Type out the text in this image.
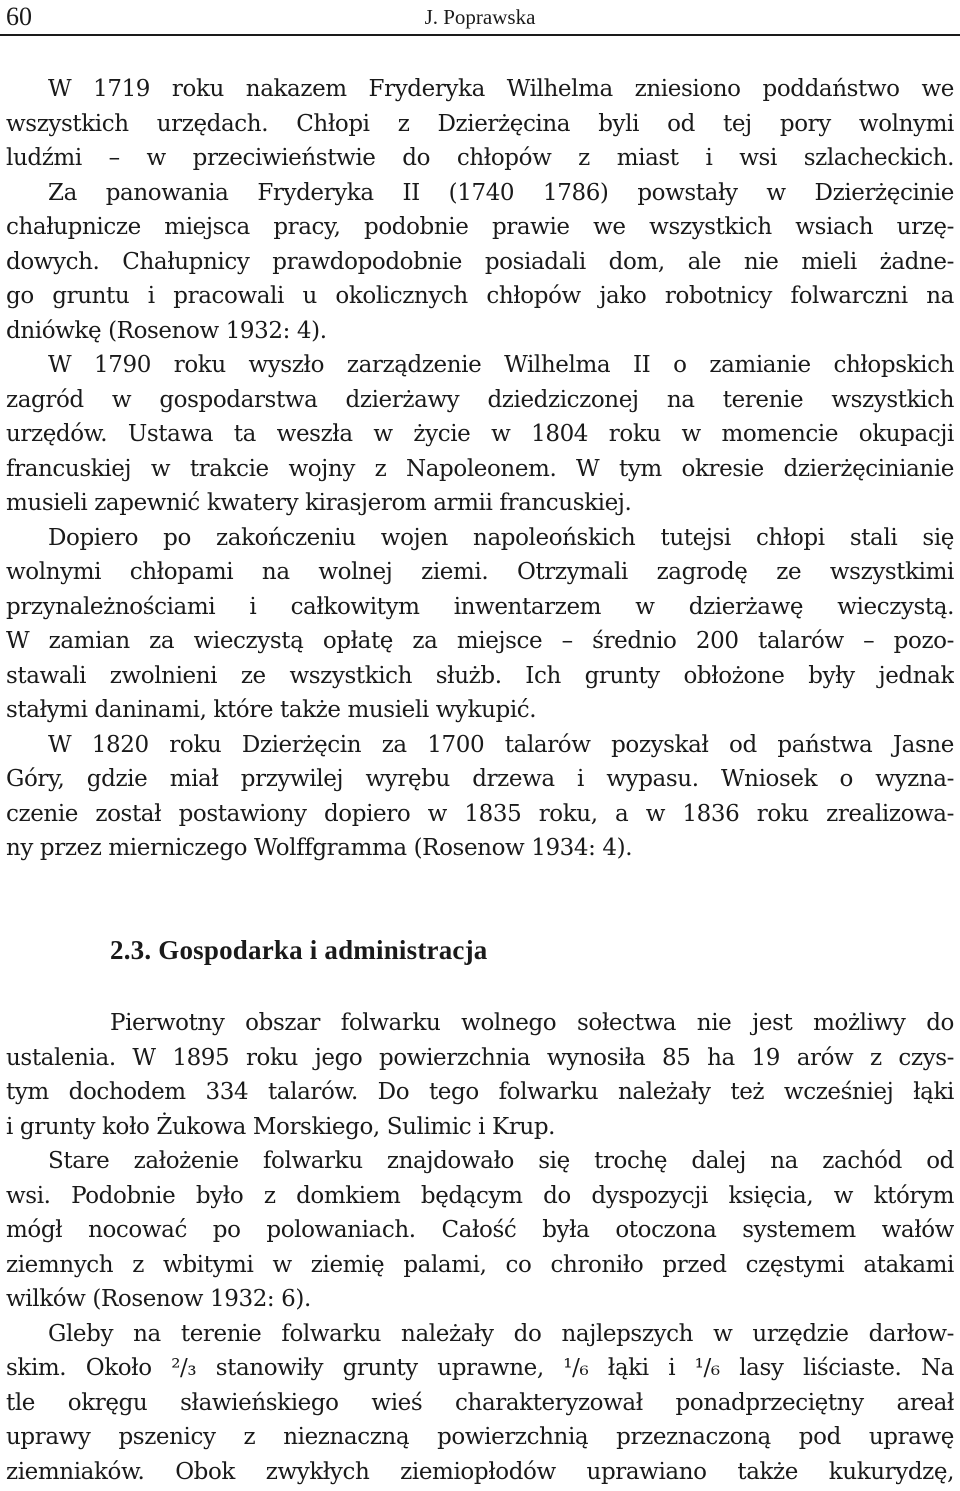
60	J. Poprawska
W 1719 roku nakazem Fryderyka Wilhelma zniesiono poddaństwo we
wszystkich urzędach. Chłopi z Dzierżęcina byli od tej pory wolnymi
ludźmi – w przeciwieństwie do chłopów z miast i wsi szlacheckich.
Za panowania Fryderyka II (1740 1786) powstały w Dzierżęcinie
chałupnicze miejsca pracy, podobnie prawie we wszystkich wsiach urzę-
dowych. Chałupnicy prawdopodobnie posiadali dom, ale nie mieli żadne-
go gruntu i pracowali u okolicznych chłopów jako robotnicy folwarczni na
dniówkę (Rosenow 1932: 4).
W 1790 roku wyszło zarządzenie Wilhelma II o zamianie chłopskich
zagród w gospodarstwa dzierżawy dziedziczonej na terenie wszystkich
urzędów. Ustawa ta weszła w życie w 1804 roku w momencie okupacji
francuskiej w trakcie wojny z Napoleonem. W tym okresie dzierżęcinianie
musieli zapewnić kwatery kirasjerom armii francuskiej.
Dopiero po zakończeniu wojen napoleońskich tutejsi chłopi stali się
wolnymi chłopami na wolnej ziemi. Otrzymali zagrodę ze wszystkimi
przynależnościami i całkowitym inwentarzem w dzierżawę wieczystą.
W zamian za wieczystą opłatę za miejsce – średnio 200 talarów – pozo-
stawali zwolnieni ze wszystkich służb. Ich grunty obłożone były jednak
stałymi daninami, które także musieli wykupić.
W 1820 roku Dzierżęcin za 1700 talarów pozyskał od państwa Jasne
Góry, gdzie miał przywilej wyrębu drzewa i wypasu. Wniosek o wyzna-
czenie został postawiony dopiero w 1835 roku, a w 1836 roku zrealizowa-
ny przez mierniczego Wolffgramma (Rosenow 1934: 4).
2.3. Gospodarka i administracja
Pierwotny obszar folwarku wolnego sołectwa nie jest możliwy do
ustalenia. W 1895 roku jego powierzchnia wynosiła 85 ha 19 arów z czys-
tym dochodem 334 talarów. Do tego folwarku należały też wcześniej łąki
i grunty koło Żukowa Morskiego, Sulimic i Krup.
Stare założenie folwarku znajdowało się trochę dalej na zachód od
wsi. Podobnie było z domkiem będącym do dyspozycji księcia, w którym
mógł nocować po polowaniach. Całość była otoczona systemem wałów
ziemnych z wbitymi w ziemię palami, co chroniło przed częstymi atakami
wilków (Rosenow 1932: 6).
Gleby na terenie folwarku należały do najlepszych w urzędzie darłow-
skim. Około ²/₃ stanowiły grunty uprawne, ¹/₆ łąki i ¹/₆ lasy liściaste. Na
tle okręgu sławieńskiego wieś charakteryzował ponadprzeciętny areał
uprawy pszenicy z nieznaczną powierzchnią przeznaczoną pod uprawę
ziemniaków. Obok zwykłych ziemiopłodów uprawiano także kukurydzę,
